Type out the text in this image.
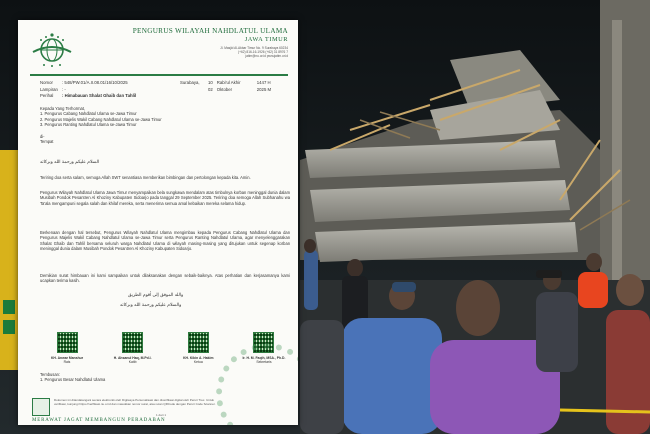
PENGURUS WILAYAH NAHDLATUL ULAMA
JAWA TIMUR
Jl. Masjid Al-Akbar Timur No. 9 Surabaya 60234
(+62) 816-16-1926 (+62) 31 8976 7
jatim@nu.or.id pwnujatim.or.id
Nomor	: 548/PW.01/A.II.08.01/16/10/2025	Surabaya,	10 Rabi'ul Akhir	1447 H
Lampiran : -	02 Oktober	2025 M
Perihal	: Himabauan Shalat Ghaib dan Tahlil
Kepada Yang Terhormat,
1. Pengurus Cabang Nahdlatul Ulama se-Jawa Timur
2. Pengurus Majelis Wakil Cabang Nahdlatul Ulama se-Jawa Timur
3. Pengurus Ranting Nahdlatul Ulama se-Jawa Timur
di-
Tempat
السلام عليكم ورحمة الله وبركاته
Teriring doa serta salam, semoga Allah SWT senantiasa memberikan bimbingan dan pertolongan kepada kita. Amin.
Pengurus Wilayah Nahdlatul Ulama Jawa Timur menyampaikan bela sungkawa mendalam atas timbulnya korban meninggal dunia dalam Musibah Pondok Pesantren Al Khoziny Kabupaten Sidoarjo pada tanggal 29 September 2025. Teriring doa semoga Allah Subhanahu wa Ta'ala mengampuni segala salah dan khilaf mereka, serta menerima semua amal kebaikan mereka selama hidup.
Berkenaan dengan hal tersebut, Pengurus Wilayah Nahdlatul Ulama mengimbau kepada Pengurus Cabang Nahdlatul Ulama dan Pengurus Majelis Wakil Cabang Nahdlatul Ulama se-Jawa Timur serta Pengurus Ranting Nahdlatul Ulama, agar menyelenggarakan Shalat Ghaib dan Tahlil bersama seluruh warga Nahdlatul Ulama di wilayah masing-masing yang ditujukan untuk segenap korban meninggal dunia dalam Musibah Pondok Pesantren Al Khoziny Kabupaten Sidoarjo.
Demikian surat himbauan ini kami sampaikan untuk dilaksanakan dengan sebaik-baiknya. Atas perhatian dan kerjasamanya kami ucapkan terima kasih.
والله الموفق إلى أقوم الطريق
والسلام عليكم ورحمة الله وبركاته
KH. Anwar Manshur
Rais
H. Ahsanul Haq, M.Pd.I.
Katib
KH. Kikin A. Hakim
Ketua
Ir. H. M. Faqih, MSA., Ph.D.
Sekretaris
Tembusan:
1. Pengurus Besar Nahdlatul Ulama
Dokumen ini ditandatangani secara elektronik oleh Digitasya Personalisasi dan diverifikasi digital oleh Peruri Trex. Untuk verifikasi, kunjungi https://verifikasi.nu.or.id dan masukkan nomor surat, atau scan QRCode dengan Peruri Code Scanner.
1 dari 1
MERAWAT JAGAT MEMBANGUN PERADABAN
